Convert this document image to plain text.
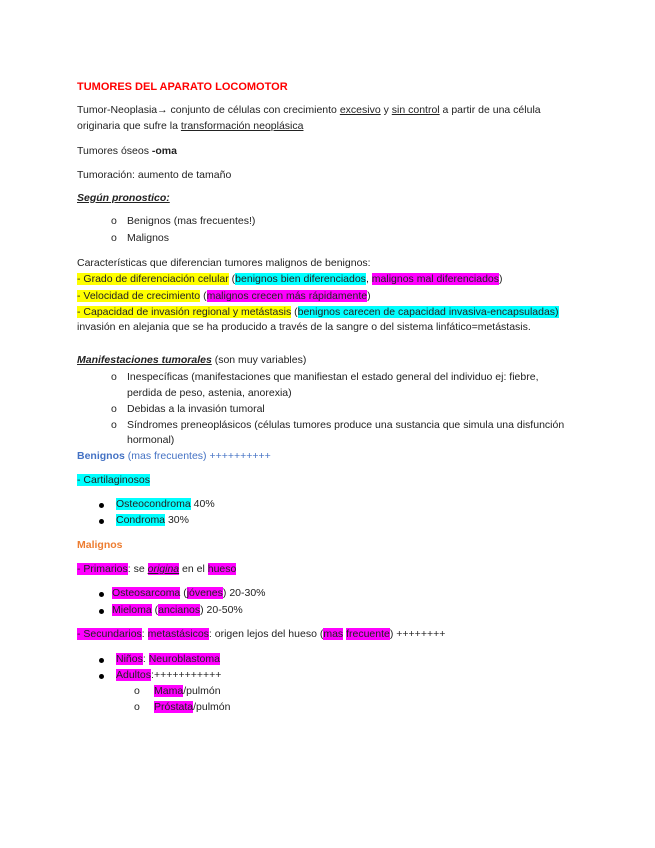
TUMORES DEL APARATO LOCOMOTOR
Tumor-Neoplasia→ conjunto de células con crecimiento excesivo y sin control a partir de una célula
originaria que sufre la transformación neoplásica
Tumores óseos -oma
Tumoración: aumento de tamaño
Según pronostico:
o Benignos (mas frecuentes!)
o Malignos
Características que diferencian tumores malignos de benignos:
- Grado de diferenciación celular (benignos bien diferenciados, malignos mal diferenciados)
- Velocidad de crecimiento (malignos crecen más rápidamente)
- Capacidad de invasión regional y metástasis (benignos carecen de capacidad invasiva-encapsuladas)
invasión en alejania que se ha producido a través de la sangre o del sistema linfático=metástasis.
Manifestaciones tumorales (son muy variables)
o Inespecíficas (manifestaciones que manifiestan el estado general del individuo ej: fiebre,
perdida de peso, astenia, anorexia)
o Debidas a la invasión tumoral
o Síndromes preneoplásicos (células tumores produce una sustancia que simula una disfunción
hormonal)
Benignos (mas frecuentes) ++++++++++
- Cartilaginosos
Osteocondroma 40%
Condroma 30%
Malignos
- Primarios: se origina en el hueso
Osteosarcoma (jóvenes) 20-30%
Mieloma (ancianos) 20-50%
- Secundarios: metastásicos: origen lejos del hueso (mas frecuente) ++++++++
Niños: Neuroblastoma
Adultos:+++++++++++
o Mama/pulmón
o Próstata/pulmón
